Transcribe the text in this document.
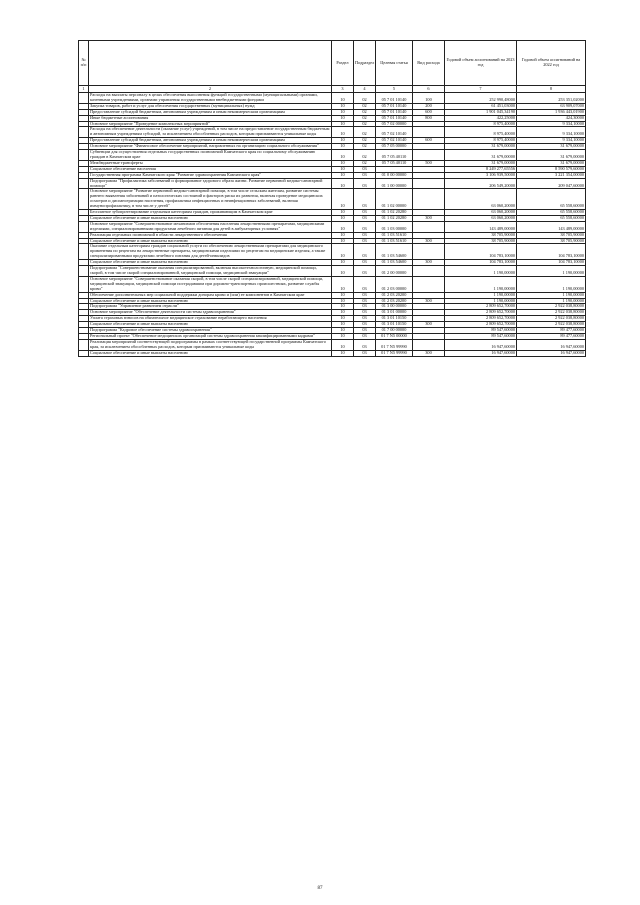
№ п/п		Раздел	Подраздел	Целевая статья	Вид расхода	Годовой объем ассигнований на 2023 год	Годовой объем ассигнований на 2022 год
1	2	3	4	5	6	7	8
	Расходы на выплаты персоналу в целях обеспечения выполнения функций государственными (муниципальными) органами, казенными учреждениями, органами управления государственными внебюджетными фондами	10	02	05 7 01 10140	100	252 990,48000	253 351,02000
	Закупка товаров, работ и услуг для обеспечения государственных (муниципальных) нужд	10	02	05 7 01 10140	200	61 451,03000	63 909,07000
	Предоставление субсидий бюджетным, автономным учреждениям и иным некоммерческим организациям	10	02	05 7 01 10140	600	1 901 045,34190	1 936 443,01900
	Иные бюджетные ассигнования	10	02	05 7 01 10140	800	422,25000	424,30000
	Основное мероприятие "Проведение комплексных мероприятий"	10	02	05 7 02 00000		8 975,40000	9 334,10000
	Расходы на обеспечение деятельности (оказание услуг) учреждений, в том числе на предоставление государственным бюджетным и автономным учреждениям субсидий, за исключением обособленных расходов, которым присваиваются уникальные коды	10	02	05 7 02 10140		8 975,40000	9 334,10000
	Предоставление субсидий бюджетным, автономным учреждениям и иным некоммерческим организациям	10	02	05 7 02 10140	600	8 975,40000	9 334,10000
	Основное мероприятие "Финансовое обеспечение мероприятий, направленных на организацию социального обслуживания"	10	02	05 7 05 00000		31 679,00000	31 679,00000
	Субвенции для осуществления отдельных государственных полномочий Камчатского края по социальному обслуживанию граждан в Камчатском крае	10	02	05 7 05 40110		31 679,00000	31 679,00000
	Межбюджетные трансферты	10	02	05 7 05 40110	500	31 679,00000	31 679,00000
	Социальное обеспечение населения	10	03			8 249 277,65556	8 590 579,60000
	Государственная программа Камчатского края "Развитие здравоохранения Камчатского края"	10	03	01 0 00 00000		3 106 939,50000	3 221 354,00000
	Подпрограмма "Профилактика заболеваний и формирование здорового образа жизни. Развитие первичной медико-санитарной помощи"	10	03	01 1 00 00000		206 549,20000	209 047,60000
	Основное мероприятие "Развитие первичной медико-санитарной помощи, в том числе сельским жителям, развитие системы раннего выявления заболеваний и патологических состояний и факторов риска их развития, включая проведение медицинских осмотров и диспансеризации населения, профилактика инфекционных и неинфекционных заболеваний, включая иммунопрофилактику, в том числе у детей"	10	03	01 1 02 00000		63 060,20000	65 558,60000
	Бесплатное зубопротезирование отдельным категориям граждан, проживающим в Камчатском крае	10	03	01 1 02 20280		63 060,20000	65 558,60000
	Социальное обеспечение и иные выплаты населению	10	03	01 1 02 20280	300	63 060,20000	65 558,60000
	Основное мероприятие "Совершенствование механизмов обеспечения населения лекарственными препаратами, медицинскими изделиями, специализированными продуктами лечебного питания для детей в амбулаторных условиях"	10	03	01 1 03 00000		143 489,00000	143 489,00000
	Реализация отдельных полномочий в области лекарственного обеспечения	10	03	01 1 03 51610		38 705,90000	38 705,90000
	Социальное обеспечение и иные выплаты населению	10	03	01 1 03 51610	300	38 705,90000	38 705,90000
	Оказание отдельным категориям граждан социальной услуги по обеспечению лекарственными препаратами для медицинского применения по рецептам на лекарственные препараты, медицинскими изделиями по рецептам на медицинские изделия, а также специализированными продуктами лечебного питания для детей-инвалидов	10	03	01 1 03 54600		104 783,10000	104 783,10000
	Социальное обеспечение и иные выплаты населению	10	03	01 1 03 54600	300	104 783,10000	104 783,10000
	Подпрограмма "Совершенствование оказания специализированной, включая высокотехнологичную, медицинской помощи, скорой, в том числе скорой специализированной, медицинской помощи, медицинской эвакуации"	10	03	01 2 00 00000		1 190,00000	1 190,00000
	Основное мероприятие "Совершенствование оказания скорой, в том числе скорой специализированной, медицинской помощи, медицинской эвакуации, медицинской помощи пострадавшим при дорожно-транспортных происшествиях, развитие службы крови"	10	03	01 2 03 00000		1 190,00000	1 190,00000
	Обеспечение дополнительных мер социальной поддержки донорам крови и (или) ее компонентов в Камчатском крае	10	03	01 2 03 20200		1 190,00000	1 190,00000
	Социальное обеспечение и иные выплаты населению	10	03	01 2 03 20200	300	1 190,00000	1 190,00000
	Подпрограмма "Управление развитием отрасли"	10	03	01 3 00 00000		2 809 652,70000	2 922 038,80000
	Основное мероприятие "Обеспечение деятельности системы здравоохранения"	10	03	01 3 01 00000		2 809 652,70000	2 922 038,80000
	Уплата страховых взносов на обязательное медицинское страхование неработающего населения	10	03	01 3 01 10150		2 809 652,70000	2 922 038,80000
	Социальное обеспечение и иные выплаты населению	10	03	01 3 01 10150	300	2 809 652,70000	2 922 038,80000
	Подпрограмма "Кадровое обеспечение системы здравоохранения"	10	03	01 7 00 00000		89 547,60000	89 477,60000
	Региональный проект "Обеспечение медицинских организаций системы здравоохранения квалифицированными кадрами"	10	03	01 7 N5 00000		89 547,60000	89 477,60000
	Реализация мероприятий соответствующей подпрограммы в рамках соответствующей государственной программы Камчатского края, за исключением обособленных расходов, которым присваиваются уникальные коды	10	03	01 7 N5 99990		16 947,60000	16 947,60000
	Социальное обеспечение и иные выплаты населению	10	03	01 7 N5 99990	300	16 947,60000	16 947,60000
87
